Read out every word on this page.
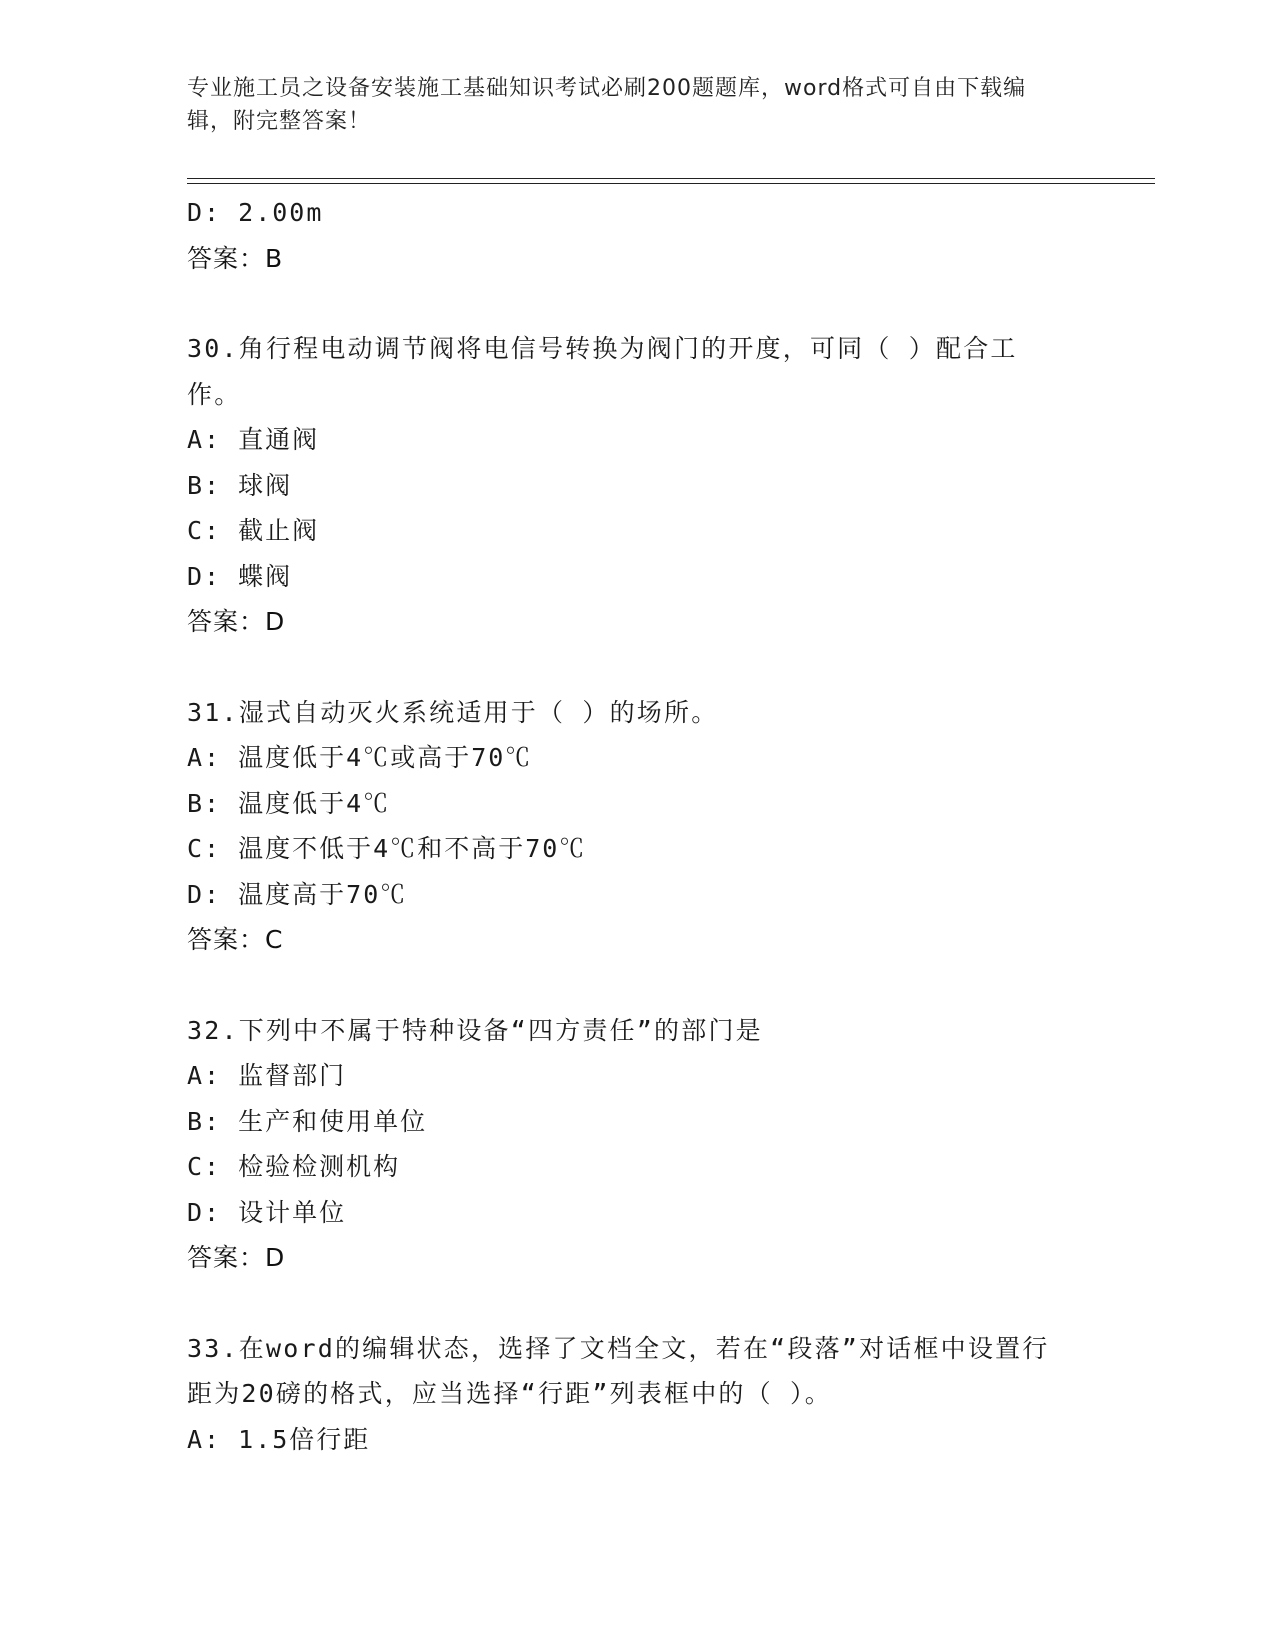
专业施工员之设备安装施工基础知识考试必刷200题题库，word格式可自由下载编辑，附完整答案！
D: 2.00m
答案：B
30.角行程电动调节阀将电信号转换为阀门的开度，可同（ ）配合工作。
A: 直通阀
B: 球阀
C: 截止阀
D: 蝶阀
答案：D
31.湿式自动灭火系统适用于（ ）的场所。
A: 温度低于4℃或高于70℃
B: 温度低于4℃
C: 温度不低于4℃和不高于70℃
D: 温度高于70℃
答案：C
32.下列中不属于特种设备“四方责任”的部门是
A: 监督部门
B: 生产和使用单位
C: 检验检测机构
D: 设计单位
答案：D
33.在word的编辑状态，选择了文档全文，若在“段落”对话框中设置行距为20磅的格式，应当选择“行距”列表框中的（ ）。
A: 1.5倍行距
